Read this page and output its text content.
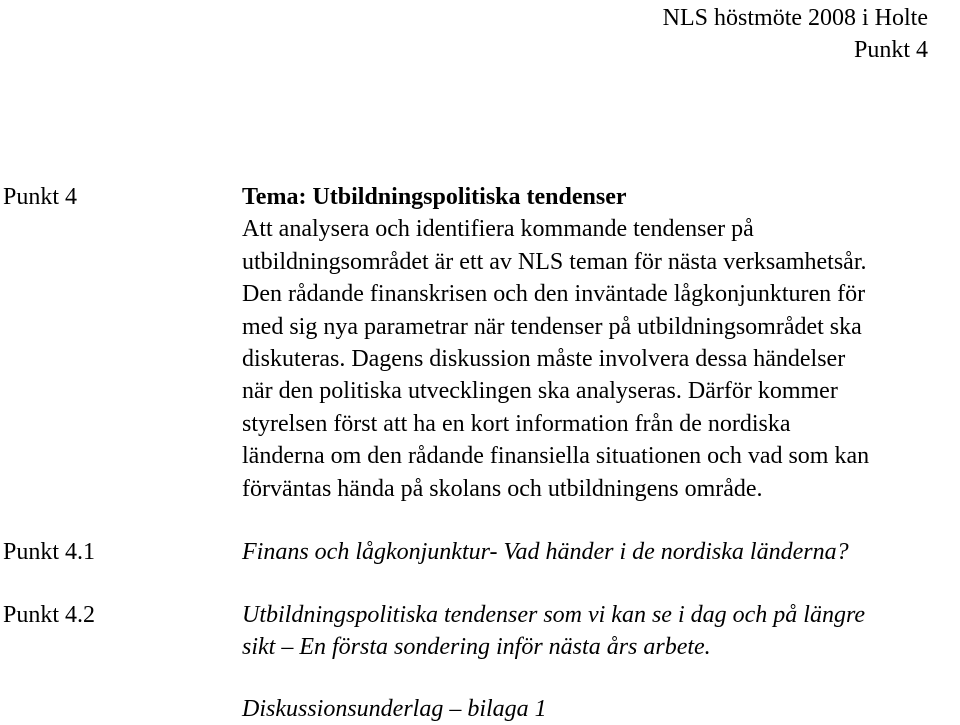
NLS höstmöte 2008 i Holte
Punkt 4
Punkt 4	Tema: Utbildningspolitiska tendenser
Att analysera och identifiera kommande tendenser på
utbildningsområdet är ett av NLS teman för nästa verksamhetsår.
Den rådande finanskrisen och den inväntade lågkonjunkturen för
med sig nya parametrar när tendenser på utbildningsområdet ska
diskuteras. Dagens diskussion måste involvera dessa händelser
när den politiska utvecklingen ska analyseras. Därför kommer
styrelsen först att ha en kort information från de nordiska
länderna om den rådande finansiella situationen och vad som kan
förväntas hända på skolans och utbildningens område.
Punkt 4.1	Finans och lågkonjunktur- Vad händer i de nordiska länderna?
Punkt 4.2	Utbildningspolitiska tendenser som vi kan se i dag och på längre
sikt – En första sondering inför nästa års arbete.
Diskussionsunderlag – bilaga 1
